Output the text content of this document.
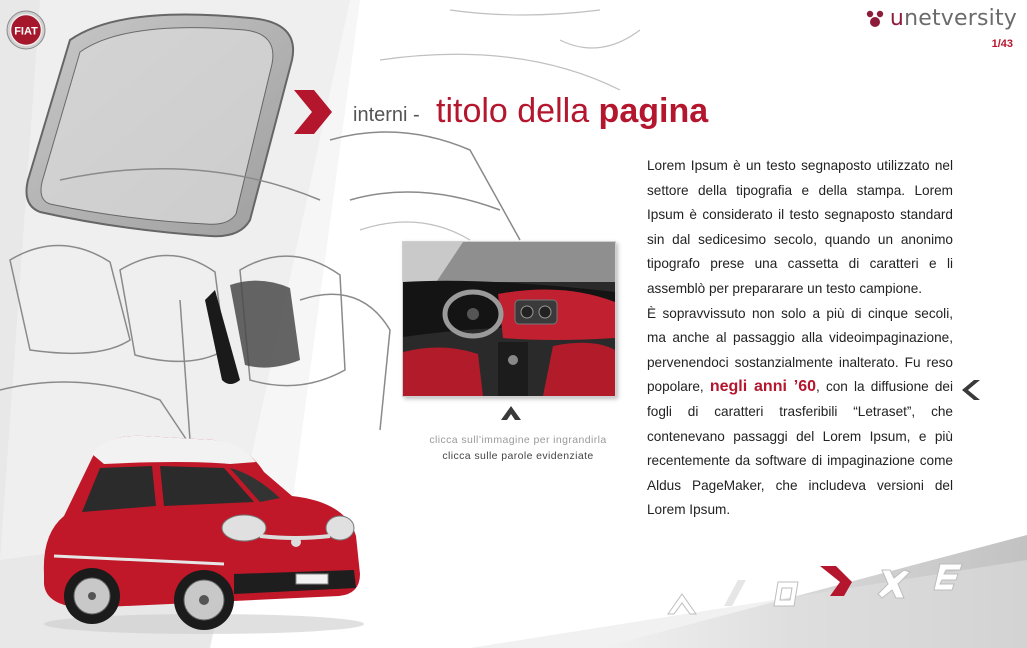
FIAT
unetversity
1/43
interni - titolo della pagina

Lorem Ipsum è un testo segnaposto utilizzato nel settore della tipografia e della stampa. Lorem Ipsum è considerato il testo segnaposto standard sin dal sedicesimo secolo, quando un anonimo tipografo prese una cassetta di caratteri e li assemblò per prepararare un testo campione.

È sopravvissuto non solo a più di cinque secoli, ma anche al passaggio alla videoimpaginazione, pervenendoci sostanzialmente inalterato. Fu reso popolare, negli anni ’60, con la diffusione dei fogli di caratteri trasferibili “Letraset”, che contenevano passaggi del Lorem Ipsum, e più recentemente da software di impaginazione come Aldus PageMaker, che includeva versioni del Lorem Ipsum.

clicca sull’immagine per ingrandirla
clicca sulle parole evidenziate
